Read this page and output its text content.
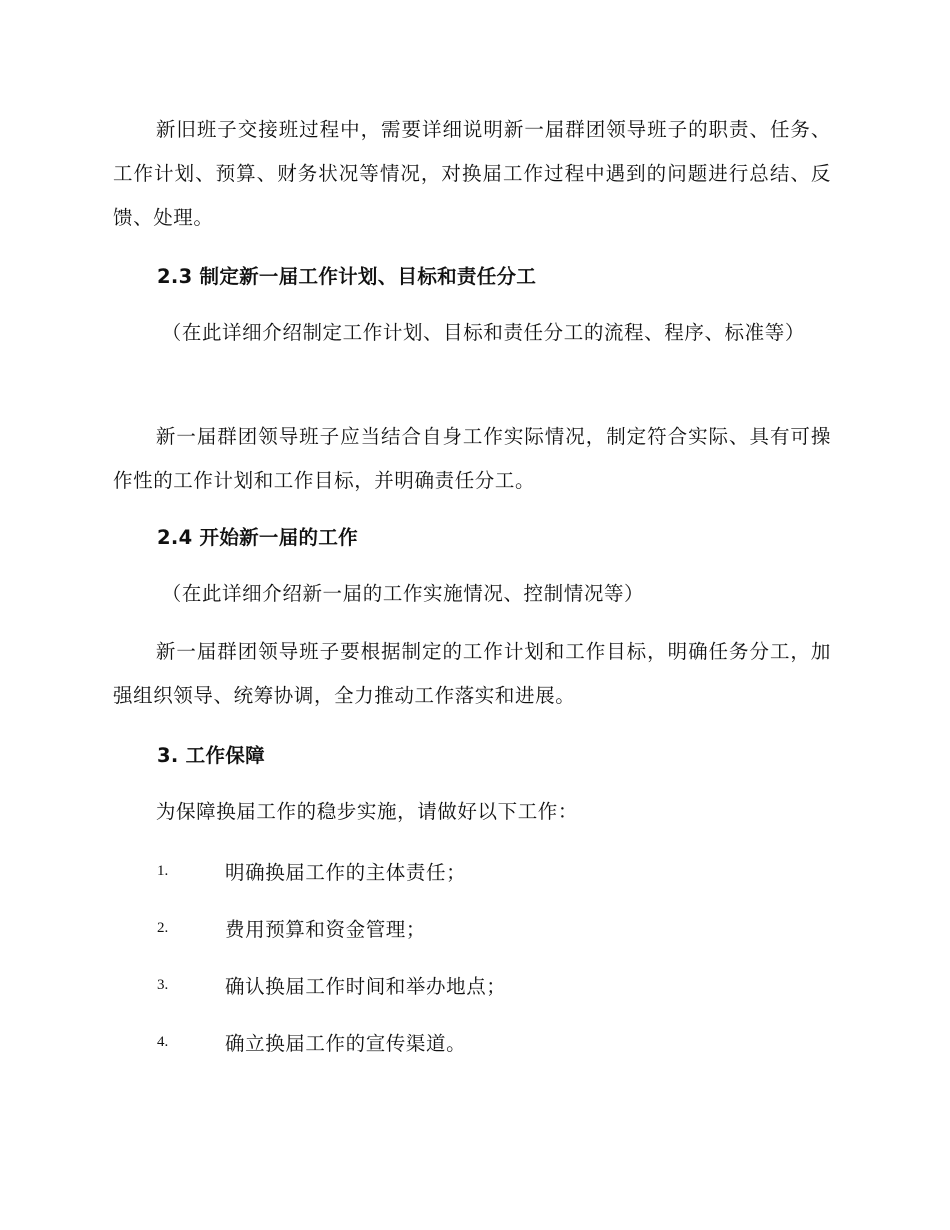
新旧班子交接班过程中，需要详细说明新一届群团领导班子的职责、任务、工作计划、预算、财务状况等情况，对换届工作过程中遇到的问题进行总结、反馈、处理。

2.3 制定新一届工作计划、目标和责任分工

（在此详细介绍制定工作计划、目标和责任分工的流程、程序、标准等）

新一届群团领导班子应当结合自身工作实际情况，制定符合实际、具有可操作性的工作计划和工作目标，并明确责任分工。

2.4 开始新一届的工作

（在此详细介绍新一届的工作实施情况、控制情况等）

新一届群团领导班子要根据制定的工作计划和工作目标，明确任务分工，加强组织领导、统筹协调，全力推动工作落实和进展。

3. 工作保障

为保障换届工作的稳步实施，请做好以下工作：

1.	明确换届工作的主体责任；
2.	费用预算和资金管理；
3.	确认换届工作时间和举办地点；
4.	确立换届工作的宣传渠道。
